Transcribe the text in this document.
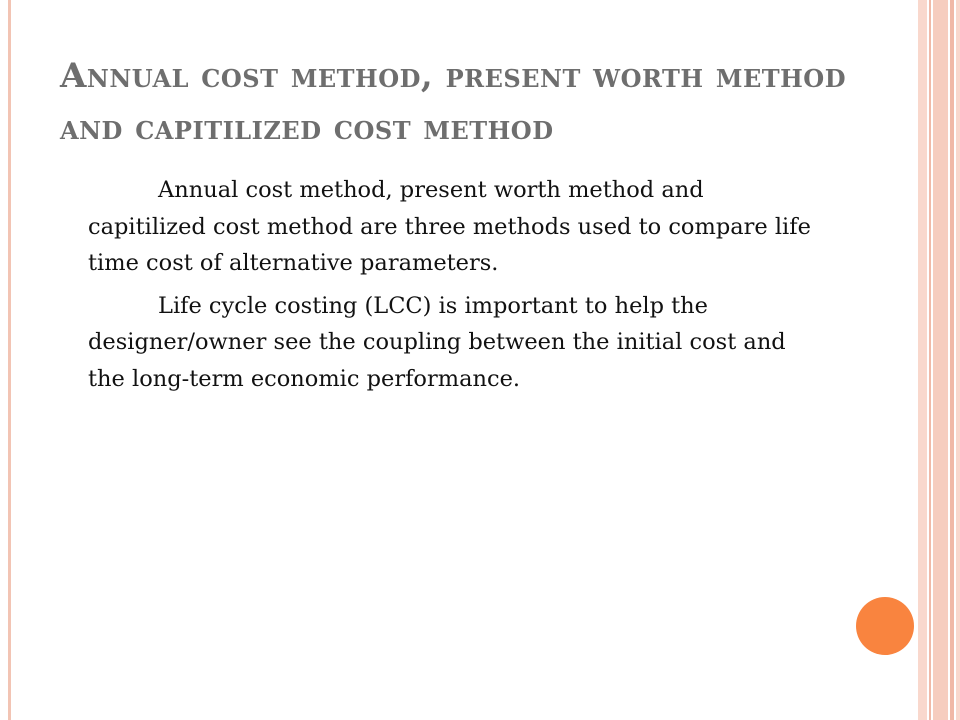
Annual cost method, present worth method and capitilized cost method

Annual cost method, present worth method and capitilized cost method are three methods used to compare life time cost of alternative parameters.

Life cycle costing (LCC) is important to help the designer/owner see the coupling between the initial cost and the long-term economic performance.
